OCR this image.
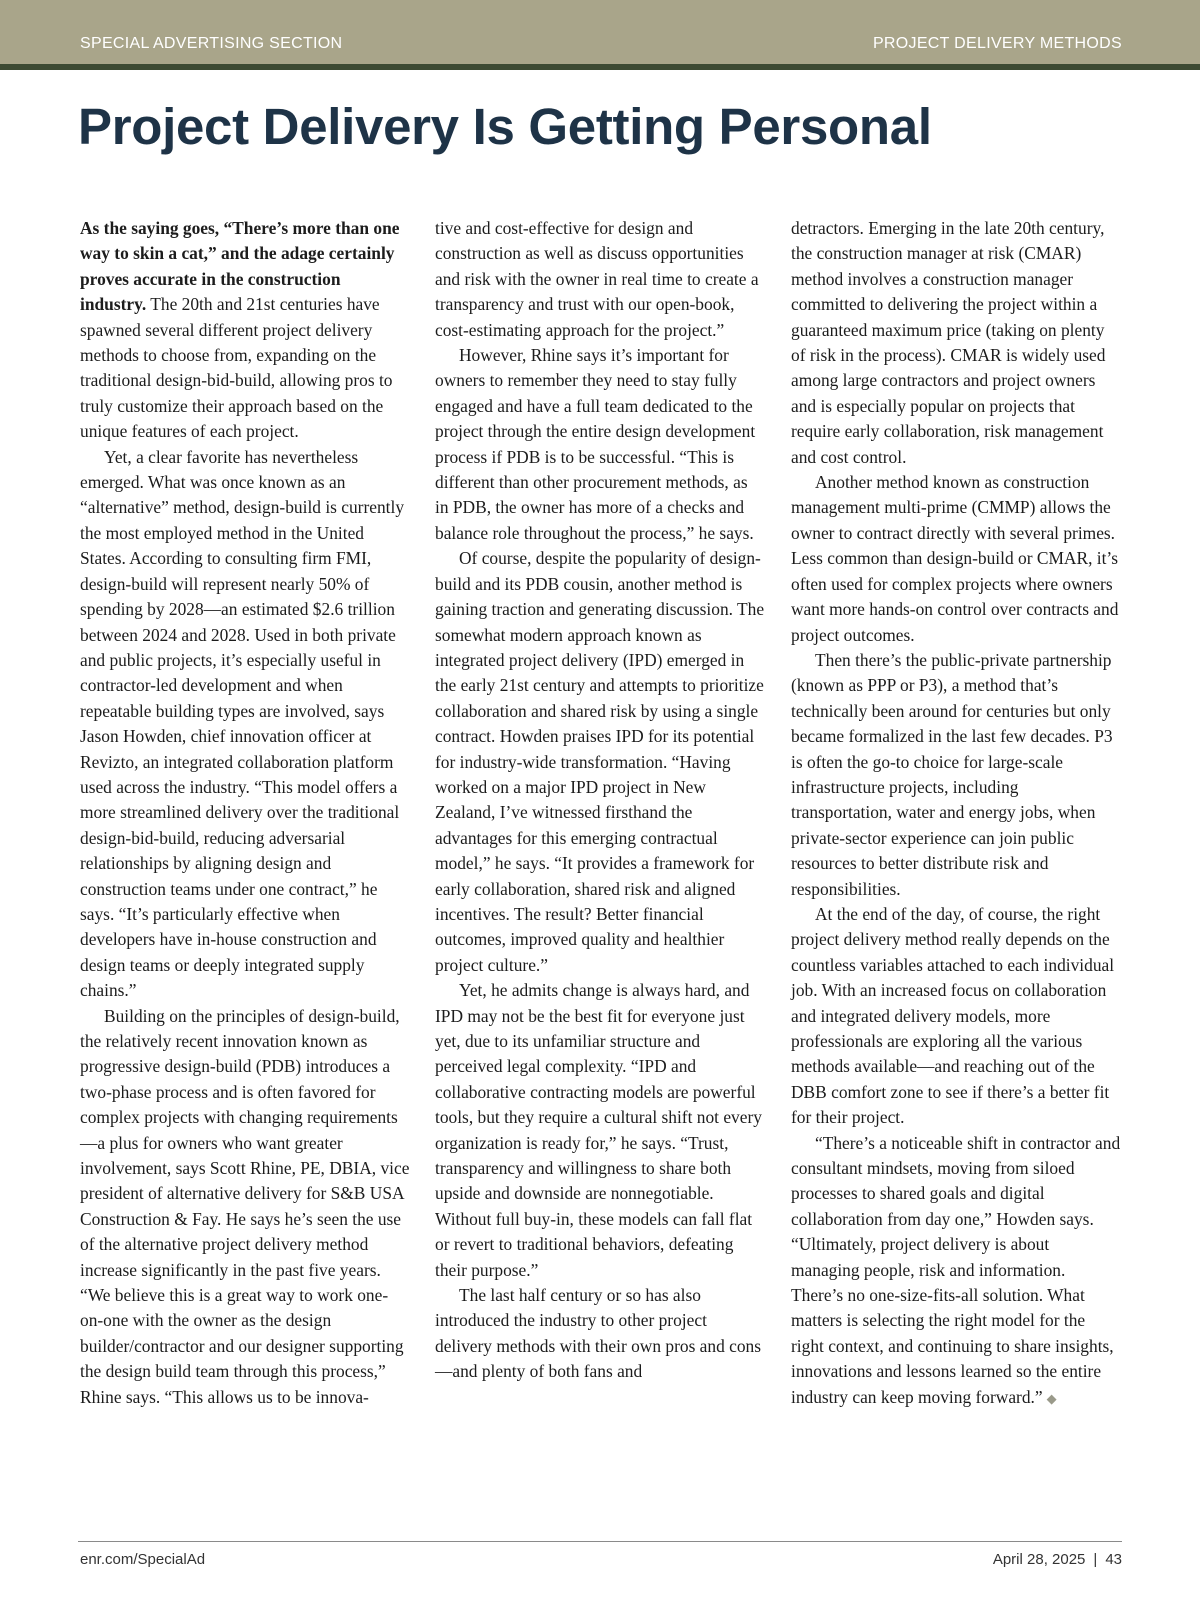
SPECIAL ADVERTISING SECTION	PROJECT DELIVERY METHODS
Project Delivery Is Getting Personal

As the saying goes, “There’s more than one way to skin a cat,” and the adage certainly proves accurate in the construction industry. The 20th and 21st centuries have spawned several different project delivery methods to choose from, expanding on the traditional design-bid-build, allowing pros to truly customize their approach based on the unique features of each project.

Yet, a clear favorite has nevertheless emerged. What was once known as an “alternative” method, design-build is currently the most employed method in the United States. According to consulting firm FMI, design-build will represent nearly 50% of spending by 2028—an estimated $2.6 trillion between 2024 and 2028. Used in both private and public projects, it’s especially useful in contractor-led development and when repeatable building types are involved, says Jason Howden, chief innovation officer at Revizto, an integrated collaboration platform used across the industry. “This model offers a more streamlined delivery over the traditional design-bid-build, reducing adversarial relationships by aligning design and construction teams under one contract,” he says. “It’s particularly effective when developers have in-house construction and design teams or deeply integrated supply chains.”

Building on the principles of design-build, the relatively recent innovation known as progressive design-build (PDB) introduces a two-phase process and is often favored for complex projects with changing requirements—a plus for owners who want greater involvement, says Scott Rhine, PE, DBIA, vice president of alternative delivery for S&B USA Construction & Fay. He says he’s seen the use of the alternative project delivery method increase significantly in the past five years. “We believe this is a great way to work one-on-one with the owner as the design builder/contractor and our designer supporting the design build team through this process,” Rhine says. “This allows us to be innova-

tive and cost-effective for design and construction as well as discuss opportunities and risk with the owner in real time to create a transparency and trust with our open-book, cost-estimating approach for the project.”

However, Rhine says it’s important for owners to remember they need to stay fully engaged and have a full team dedicated to the project through the entire design development process if PDB is to be successful. “This is different than other procurement methods, as in PDB, the owner has more of a checks and balance role throughout the process,” he says.

Of course, despite the popularity of design-build and its PDB cousin, another method is gaining traction and generating discussion. The somewhat modern approach known as integrated project delivery (IPD) emerged in the early 21st century and attempts to prioritize collaboration and shared risk by using a single contract. Howden praises IPD for its potential for industry-wide transformation. “Having worked on a major IPD project in New Zealand, I’ve witnessed firsthand the advantages for this emerging contractual model,” he says. “It provides a framework for early collaboration, shared risk and aligned incentives. The result? Better financial outcomes, improved quality and healthier project culture.”

Yet, he admits change is always hard, and IPD may not be the best fit for everyone just yet, due to its unfamiliar structure and perceived legal complexity. “IPD and collaborative contracting models are powerful tools, but they require a cultural shift not every organization is ready for,” he says. “Trust, transparency and willingness to share both upside and downside are nonnegotiable. Without full buy-in, these models can fall flat or revert to traditional behaviors, defeating their purpose.”

The last half century or so has also introduced the industry to other project delivery methods with their own pros and cons—and plenty of both fans and

detractors. Emerging in the late 20th century, the construction manager at risk (CMAR) method involves a construction manager committed to delivering the project within a guaranteed maximum price (taking on plenty of risk in the process). CMAR is widely used among large contractors and project owners and is especially popular on projects that require early collaboration, risk management and cost control.

Another method known as construction management multi-prime (CMMP) allows the owner to contract directly with several primes. Less common than design-build or CMAR, it’s often used for complex projects where owners want more hands-on control over contracts and project outcomes.

Then there’s the public-private partnership (known as PPP or P3), a method that’s technically been around for centuries but only became formalized in the last few decades. P3 is often the go-to choice for large-scale infrastructure projects, including transportation, water and energy jobs, when private-sector experience can join public resources to better distribute risk and responsibilities.

At the end of the day, of course, the right project delivery method really depends on the countless variables attached to each individual job. With an increased focus on collaboration and integrated delivery models, more professionals are exploring all the various methods available—and reaching out of the DBB comfort zone to see if there’s a better fit for their project.

“There’s a noticeable shift in contractor and consultant mindsets, moving from siloed processes to shared goals and digital collaboration from day one,” Howden says. “Ultimately, project delivery is about managing people, risk and information. There’s no one-size-fits-all solution. What matters is selecting the right model for the right context, and continuing to share insights, innovations and lessons learned so the entire industry can keep moving forward.” ◆

enr.com/SpecialAd	April 28, 2025 | 43
